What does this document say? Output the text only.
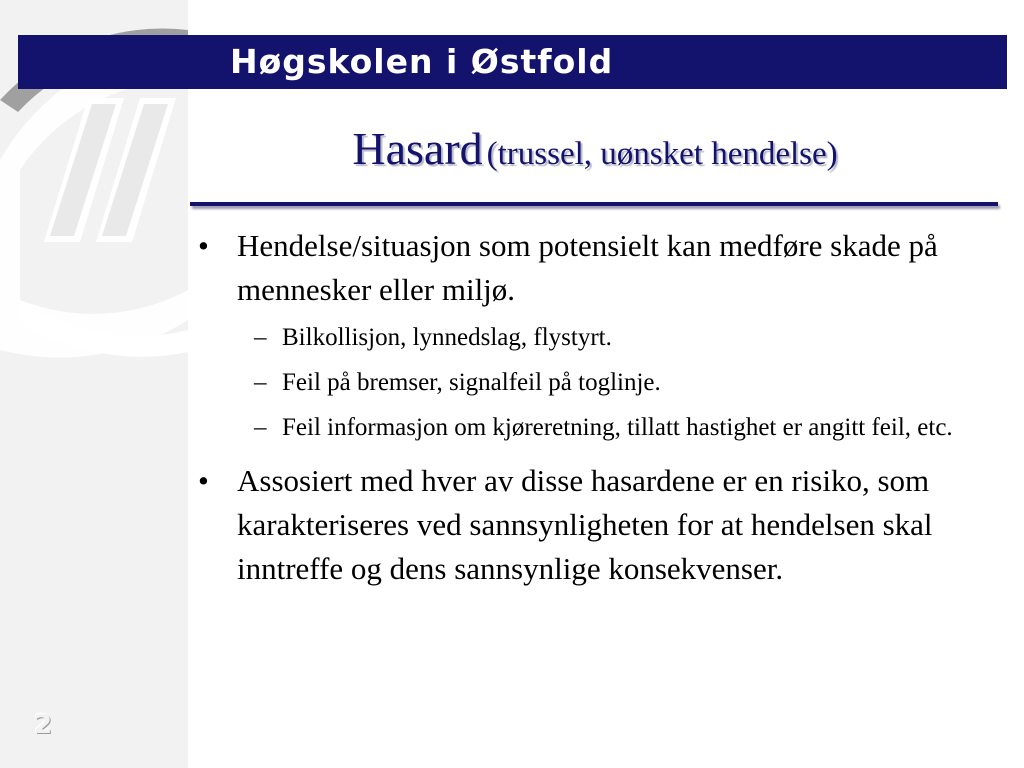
Høgskolen i Østfold
Hasard (trussel, uønsket hendelse)
• Hendelse/situasjon som potensielt kan medføre skade på mennesker eller miljø.
– Bilkollisjon, lynnedslag, flystyrt.
– Feil på bremser, signalfeil på toglinje.
– Feil informasjon om kjøreretning, tillatt hastighet er angitt feil, etc.
• Assosiert med hver av disse hasardene er en risiko, som karakteriseres ved sannsynligheten for at hendelsen skal inntreffe og dens sannsynlige konsekvenser.
2
